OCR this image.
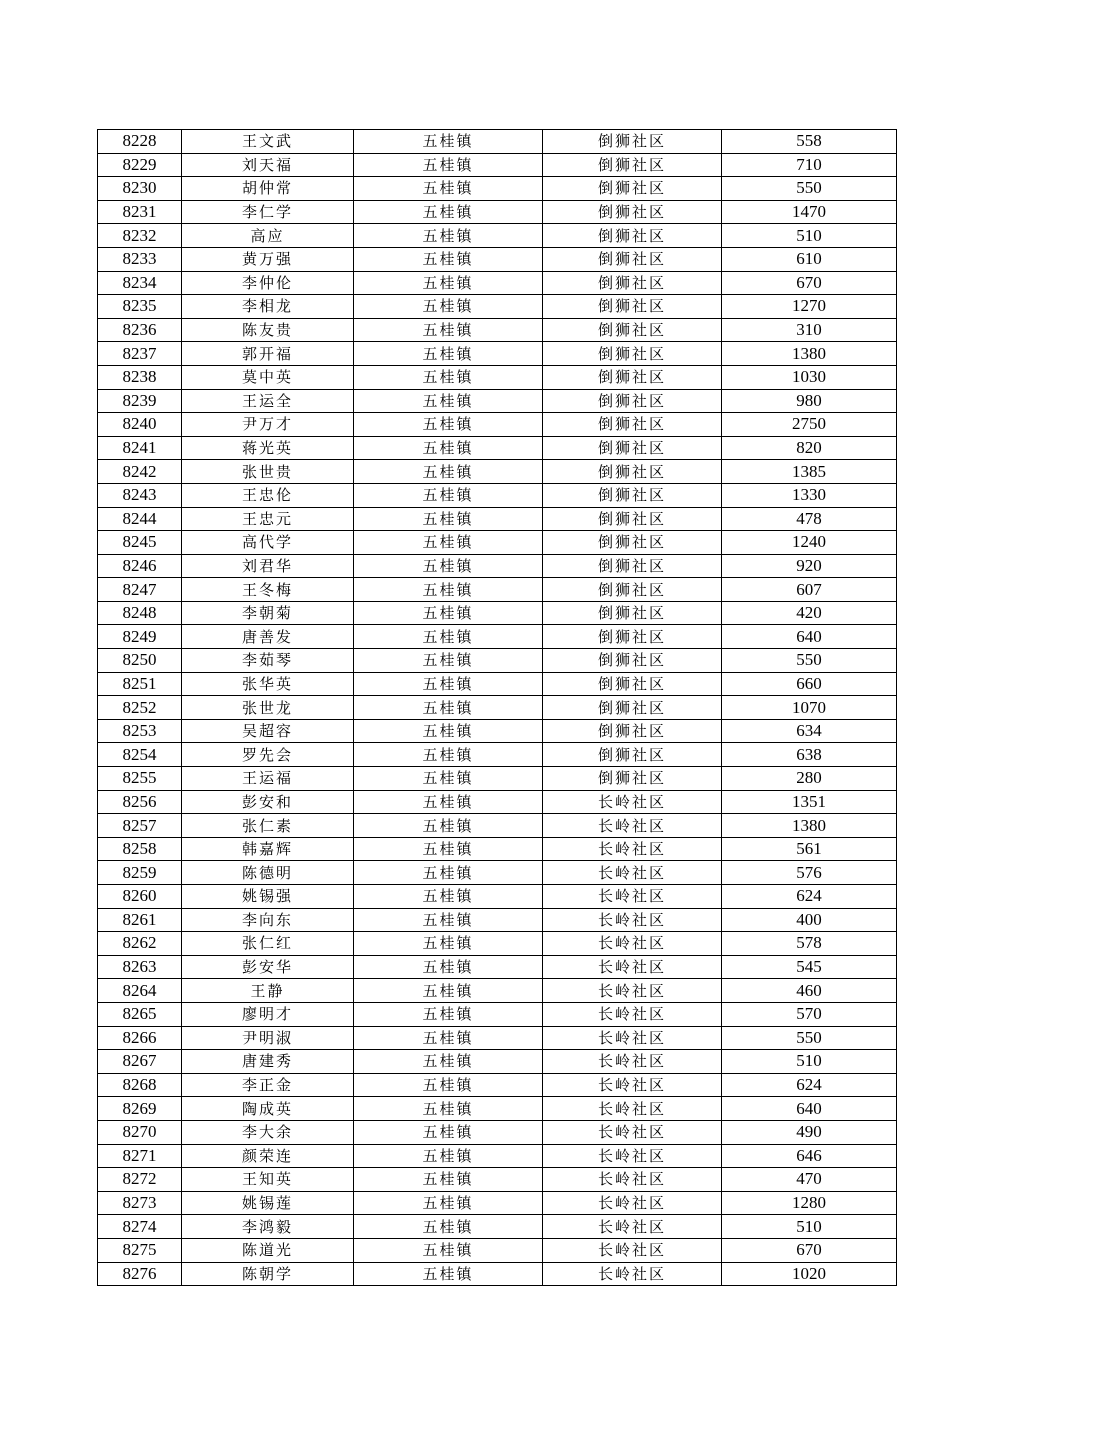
8228	王文武	五桂镇	倒狮社区	558
8229	刘天福	五桂镇	倒狮社区	710
8230	胡仲常	五桂镇	倒狮社区	550
8231	李仁学	五桂镇	倒狮社区	1470
8232	高应	五桂镇	倒狮社区	510
8233	黄万强	五桂镇	倒狮社区	610
8234	李仲伦	五桂镇	倒狮社区	670
8235	李相龙	五桂镇	倒狮社区	1270
8236	陈友贵	五桂镇	倒狮社区	310
8237	郭开福	五桂镇	倒狮社区	1380
8238	莫中英	五桂镇	倒狮社区	1030
8239	王运全	五桂镇	倒狮社区	980
8240	尹万才	五桂镇	倒狮社区	2750
8241	蒋光英	五桂镇	倒狮社区	820
8242	张世贵	五桂镇	倒狮社区	1385
8243	王忠伦	五桂镇	倒狮社区	1330
8244	王忠元	五桂镇	倒狮社区	478
8245	高代学	五桂镇	倒狮社区	1240
8246	刘君华	五桂镇	倒狮社区	920
8247	王冬梅	五桂镇	倒狮社区	607
8248	李朝菊	五桂镇	倒狮社区	420
8249	唐善发	五桂镇	倒狮社区	640
8250	李茹琴	五桂镇	倒狮社区	550
8251	张华英	五桂镇	倒狮社区	660
8252	张世龙	五桂镇	倒狮社区	1070
8253	吴超容	五桂镇	倒狮社区	634
8254	罗先会	五桂镇	倒狮社区	638
8255	王运福	五桂镇	倒狮社区	280
8256	彭安和	五桂镇	长岭社区	1351
8257	张仁素	五桂镇	长岭社区	1380
8258	韩嘉辉	五桂镇	长岭社区	561
8259	陈德明	五桂镇	长岭社区	576
8260	姚锡强	五桂镇	长岭社区	624
8261	李向东	五桂镇	长岭社区	400
8262	张仁红	五桂镇	长岭社区	578
8263	彭安华	五桂镇	长岭社区	545
8264	王静	五桂镇	长岭社区	460
8265	廖明才	五桂镇	长岭社区	570
8266	尹明淑	五桂镇	长岭社区	550
8267	唐建秀	五桂镇	长岭社区	510
8268	李正金	五桂镇	长岭社区	624
8269	陶成英	五桂镇	长岭社区	640
8270	李大余	五桂镇	长岭社区	490
8271	颜荣连	五桂镇	长岭社区	646
8272	王知英	五桂镇	长岭社区	470
8273	姚锡莲	五桂镇	长岭社区	1280
8274	李鸿毅	五桂镇	长岭社区	510
8275	陈道光	五桂镇	长岭社区	670
8276	陈朝学	五桂镇	长岭社区	1020
